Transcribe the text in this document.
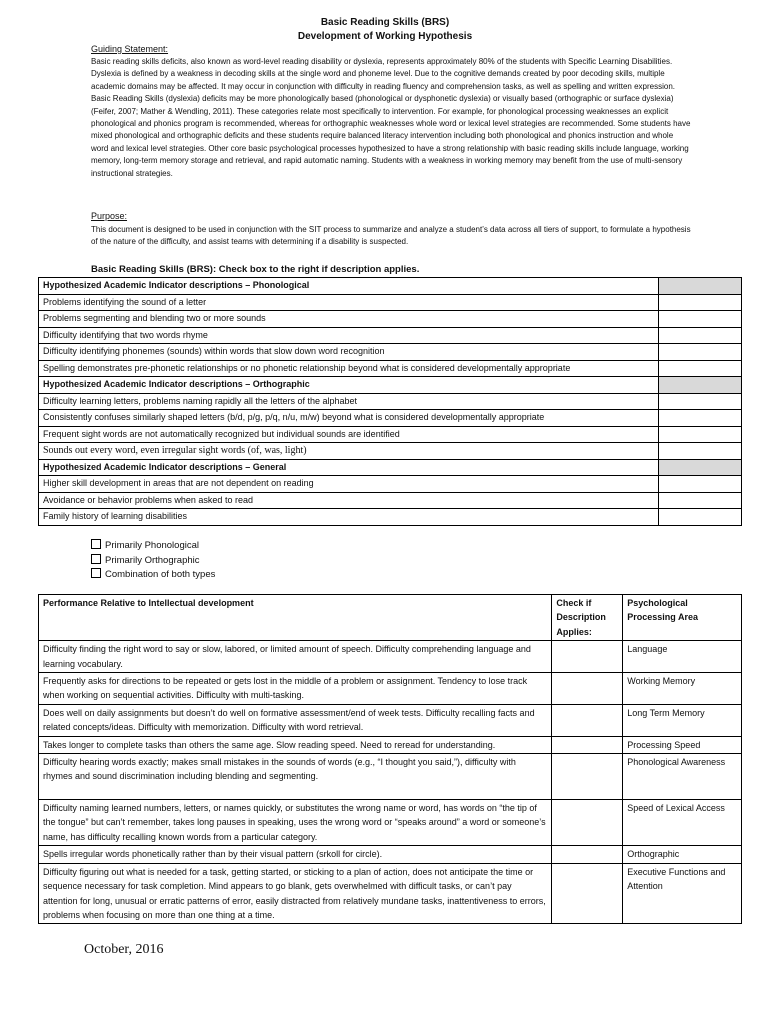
Basic Reading Skills (BRS)
Development of Working Hypothesis
Guiding Statement:
Basic reading skills deficits, also known as word-level reading disability or dyslexia, represents approximately 80% of the students with Specific Learning Disabilities. Dyslexia is defined by a weakness in decoding skills at the single word and phoneme level. Due to the cognitive demands created by poor decoding skills, multiple academic domains may be affected. It may occur in conjunction with difficulty in reading fluency and comprehension tasks, as well as spelling and written expression. Basic Reading Skills (dyslexia) deficits may be more phonologically based (phonological or dysphonetic dyslexia) or visually based (orthographic or surface dyslexia) (Feifer, 2007; Mather & Wendling, 2011). These categories relate most specifically to intervention. For example, for phonological processing weaknesses an explicit phonological and phonics program is recommended, whereas for orthographic weaknesses whole word or lexical level strategies are recommended. Some students have mixed phonological and orthographic deficits and these students require balanced literacy intervention including both phonological and phonics instruction and whole word and lexical level strategies. Other core basic psychological processes hypothesized to have a strong relationship with basic reading skills include language, working memory, long-term memory storage and retrieval, and rapid automatic naming. Students with a weakness in working memory may benefit from the use of multi-sensory instructional strategies.
Purpose:
This document is designed to be used in conjunction with the SIT process to summarize and analyze a student’s data across all tiers of support, to formulate a hypothesis of the nature of the difficulty, and assist teams with determining if a disability is suspected.
Basic Reading Skills (BRS): Check box to the right if description applies.
Hypothesized Academic Indicator descriptions – Phonological	
Problems identifying the sound of a letter	
Problems segmenting and blending two or more sounds	
Difficulty identifying that two words rhyme	
Difficulty identifying phonemes (sounds) within words that slow down word recognition	
Spelling demonstrates pre-phonetic relationships or no phonetic relationship beyond what is considered developmentally appropriate	
Hypothesized Academic Indicator descriptions – Orthographic	
Difficulty learning letters, problems naming rapidly all the letters of the alphabet	
Consistently confuses similarly shaped letters (b/d, p/g, p/q, n/u, m/w) beyond what is considered developmentally appropriate	
Frequent sight words are not automatically recognized but individual sounds are identified	
Sounds out every word, even irregular sight words (of, was, light)	
Hypothesized Academic Indicator descriptions – General	
Higher skill development in areas that are not dependent on reading	
Avoidance or behavior problems when asked to read	
Family history of learning disabilities	
Primarily Phonological
Primarily Orthographic
Combination of both types
Performance Relative to Intellectual development	Check if Description Applies:	Psychological Processing Area
Difficulty finding the right word to say or slow, labored, or limited amount of speech. Difficulty comprehending language and learning vocabulary.		Language
Frequently asks for directions to be repeated or gets lost in the middle of a problem or assignment. Tendency to lose track when working on sequential activities. Difficulty with multi-tasking.		Working Memory
Does well on daily assignments but doesn’t do well on formative assessment/end of week tests. Difficulty recalling facts and related concepts/ideas. Difficulty with memorization. Difficulty with word retrieval.		Long Term Memory
Takes longer to complete tasks than others the same age. Slow reading speed. Need to reread for understanding.		Processing Speed
Difficulty hearing words exactly; makes small mistakes in the sounds of words (e.g., “I thought you said,”), difficulty with rhymes and sound discrimination including blending and segmenting.		Phonological Awareness
Difficulty naming learned numbers, letters, or names quickly, or substitutes the wrong name or word, has words on “the tip of the tongue” but can’t remember, takes long pauses in speaking, uses the wrong word or “speaks around” a word or someone’s name, has difficulty recalling known words from a particular category.		Speed of Lexical Access
Spells irregular words phonetically rather than by their visual pattern (srkoll for circle).		Orthographic
Difficulty figuring out what is needed for a task, getting started, or sticking to a plan of action, does not anticipate the time or sequence necessary for task completion. Mind appears to go blank, gets overwhelmed with difficult tasks, or can’t pay attention for long, unusual or erratic patterns of error, easily distracted from relatively mundane tasks, inattentiveness to errors, problems when focusing on more than one thing at a time.		Executive Functions and Attention
October, 2016
